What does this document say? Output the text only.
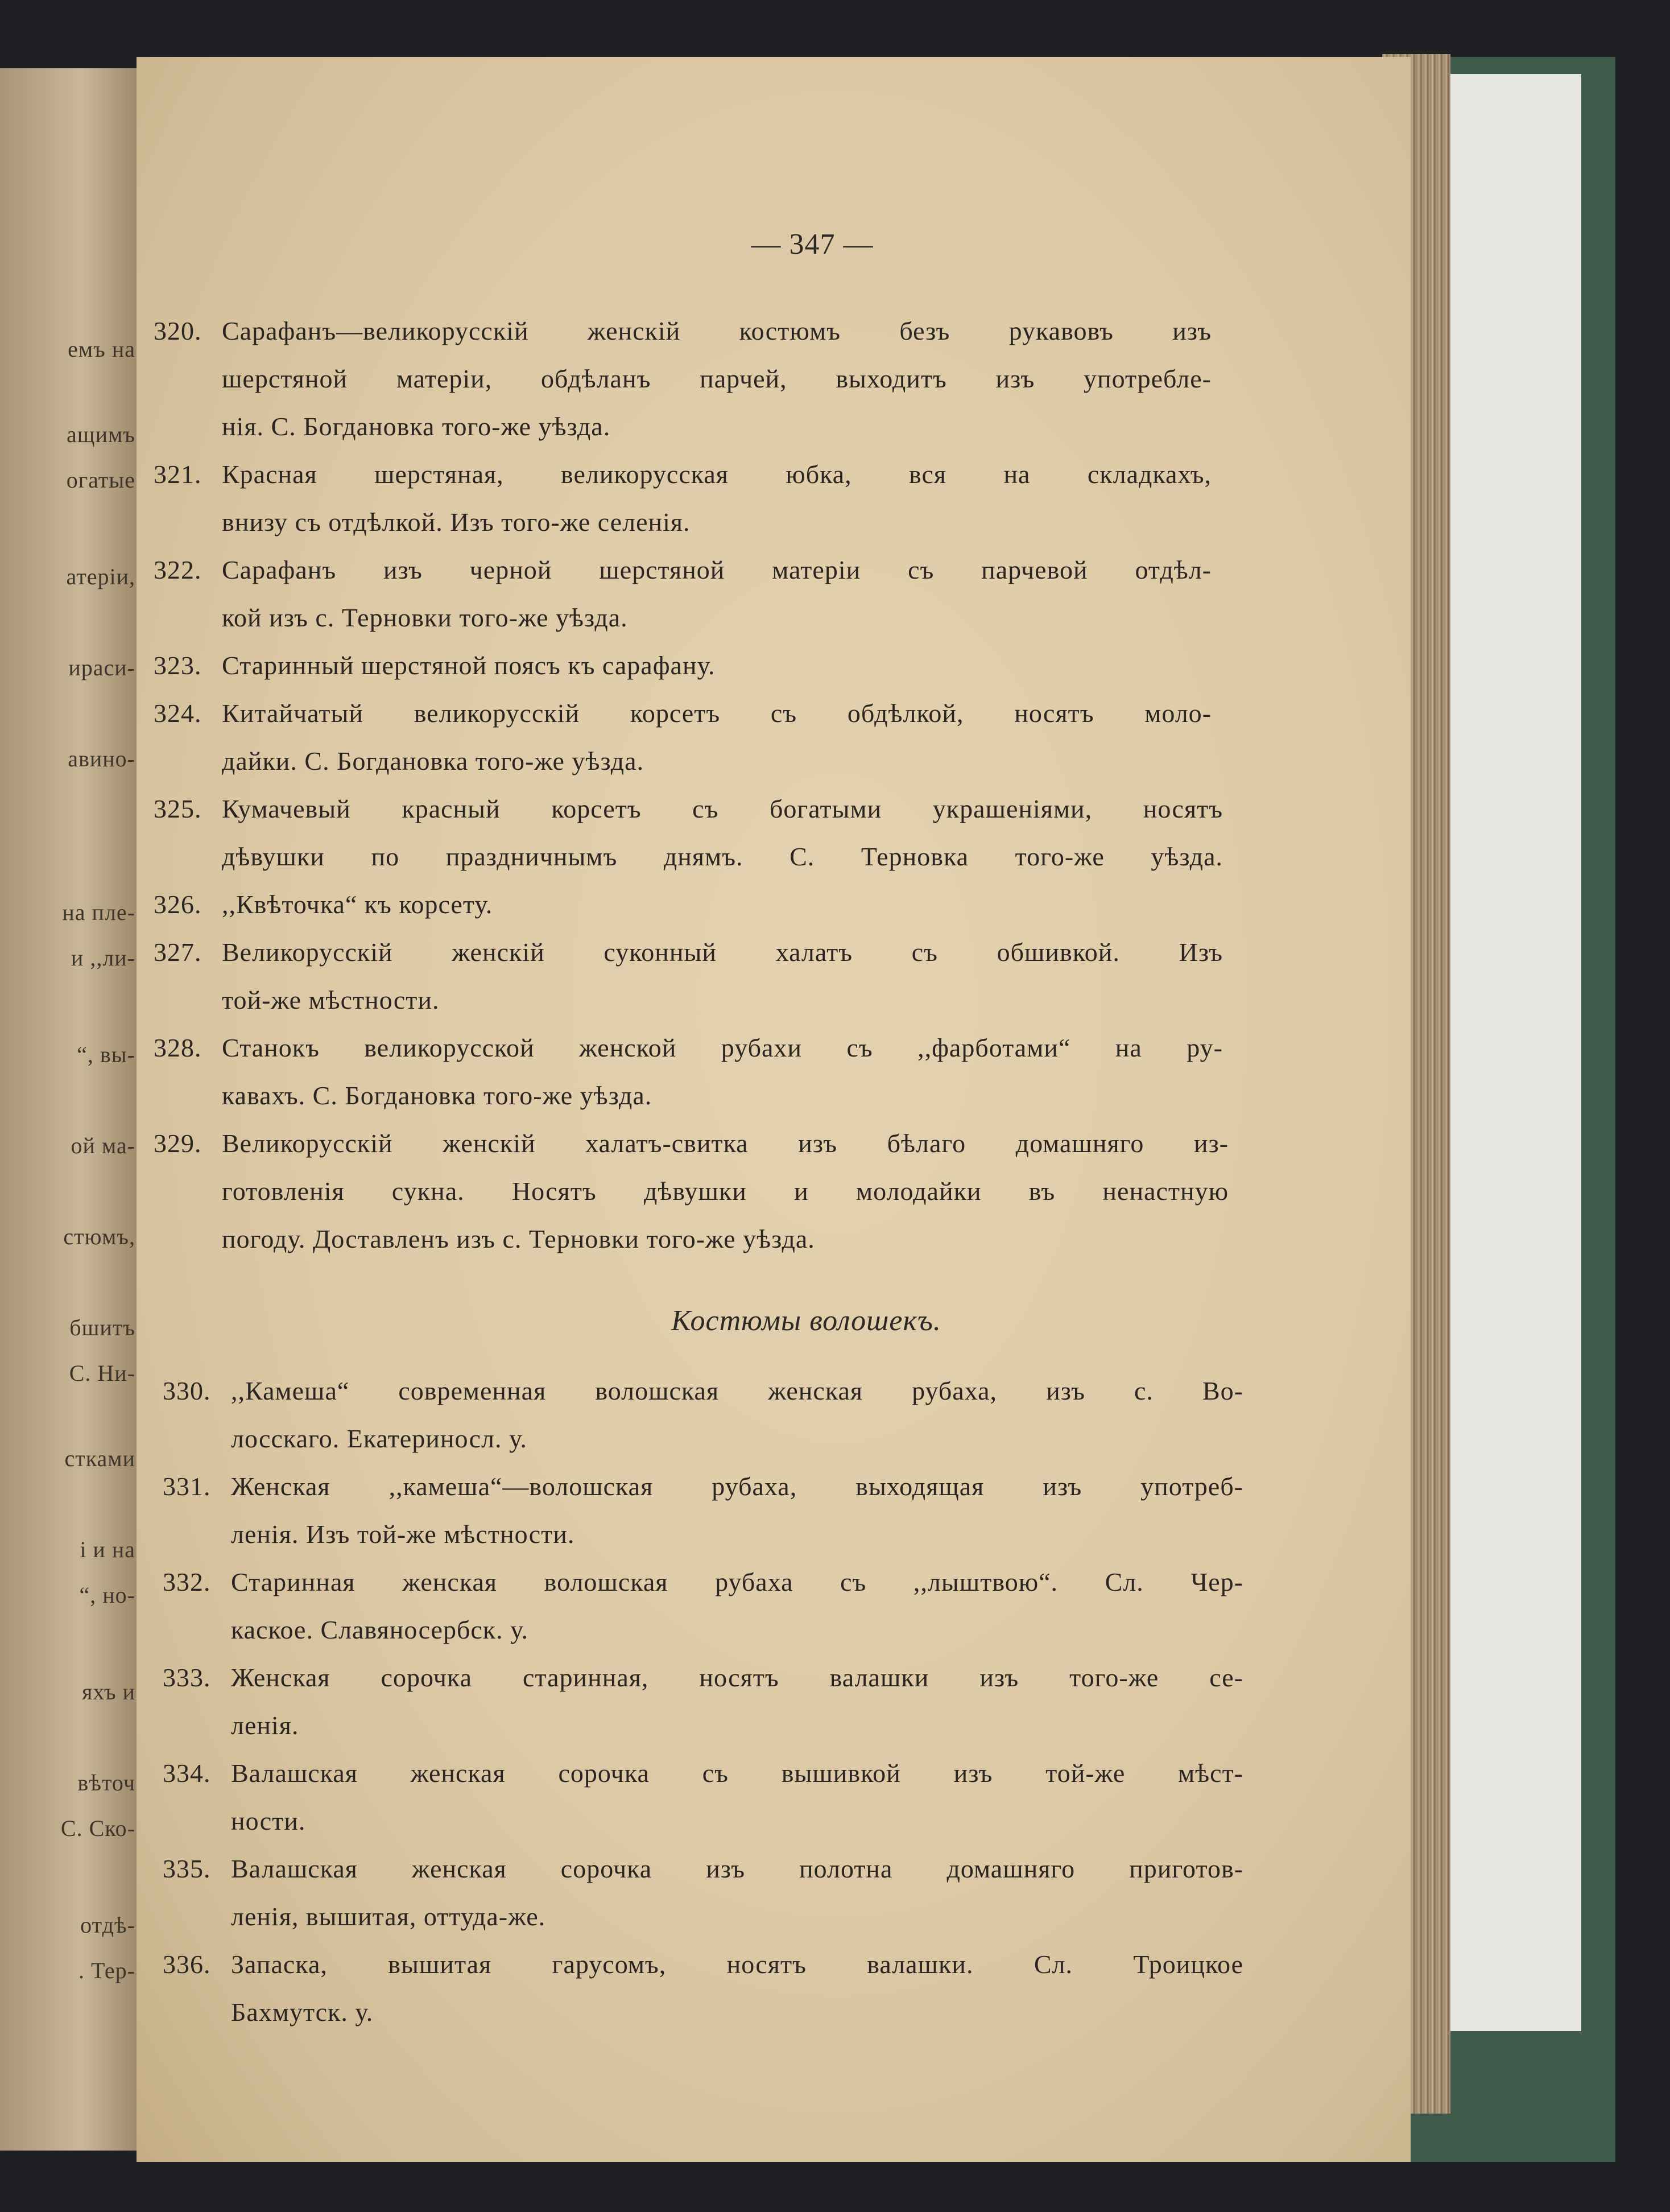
емъ на
ащимъ
огатые
атеріи,
ираси-
авино-
на пле-
и ,,ли-
“, вы-
ой ма-
стюмъ,
бшитъ
С. Ни-
стками
і и на
“, но-
яхъ и
вѣточ
С. Ско-
отдѣ-
. Тер-
— 347 —
320. Сарафанъ—великорусскій женскій костюмъ безъ рукавовъ изъ
шерстяной матеріи, обдѣланъ парчей, выходитъ изъ употребле-
нія. С. Богдановка того-же уѣзда.
321. Красная шерстяная, великорусская юбка, вся на складкахъ,
внизу съ отдѣлкой. Изъ того-же селенія.
322. Сарафанъ изъ черной шерстяной матеріи съ парчевой отдѣл-
кой изъ с. Терновки того-же уѣзда.
323. Старинный шерстяной поясъ къ сарафану.
324. Китайчатый великорусскій корсетъ съ обдѣлкой, носятъ моло-
дайки. С. Богдановка того-же уѣзда.
325. Кумачевый красный корсетъ съ богатыми украшеніями, носятъ
дѣвушки по праздничнымъ днямъ. С. Терновка того-же уѣзда.
326. ,,Квѣточка“ къ корсету.
327. Великорусскій женскій суконный халатъ съ обшивкой. Изъ
той-же мѣстности.
328. Станокъ великорусской женской рубахи съ ,,фарботами“ на ру-
кавахъ. С. Богдановка того-же уѣзда.
329. Великорусскій женскій халатъ-свитка изъ бѣлаго домашняго из-
готовленія сукна. Носятъ дѣвушки и молодайки въ ненастную
погоду. Доставленъ изъ с. Терновки того-же уѣзда.
Костюмы волошекъ.
330. ,,Камеша“ современная волошская женская рубаха, изъ с. Во-
лосскаго. Екатериносл. у.
331. Женская ,,камеша“—волошская рубаха, выходящая изъ употреб-
ленія. Изъ той-же мѣстности.
332. Старинная женская волошская рубаха съ ,,лыштвою“. Сл. Чер-
каское. Славяносербск. у.
333. Женская сорочка старинная, носятъ валашки изъ того-же се-
ленія.
334. Валашская женская сорочка съ вышивкой изъ той-же мѣст-
ности.
335. Валашская женская сорочка изъ полотна домашняго приготов-
ленія, вышитая, оттуда-же.
336. Запаска, вышитая гарусомъ, носятъ валашки. Сл. Троицкое
Бахмутск. у.
